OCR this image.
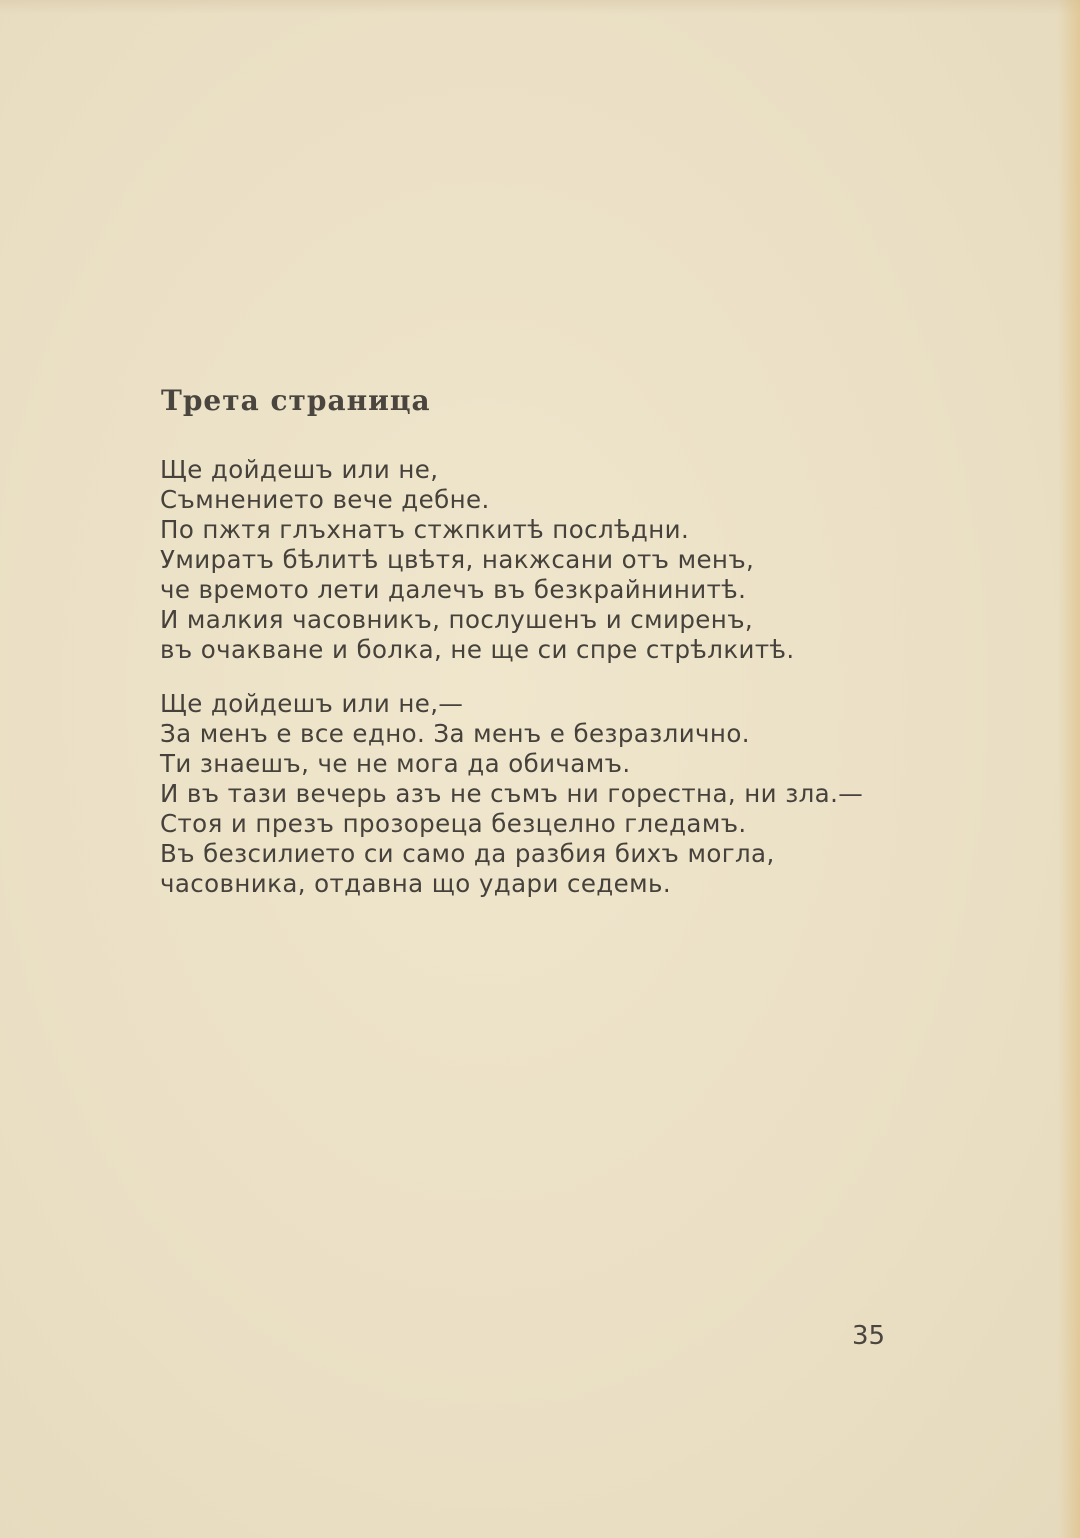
Трета страница
Ще дойдешъ или не,
Съмнението вече дебне.
По пжтя глъхнатъ стжпкитѣ послѣдни.
Умиратъ бѣлитѣ цвѣтя, накжсани отъ менъ,
че времото лети далечъ въ безкрайнинитѣ.
И малкия часовникъ, послушенъ и смиренъ,
въ очакване и болка, не ще си спре стрѣлкитѣ.
Ще дойдешъ или не,—
За менъ е все едно. За менъ е безразлично.
Ти знаешъ, че не мога да обичамъ.
И въ тази вечерь азъ не съмъ ни горестна, ни зла.—
Стоя и презъ прозореца безцелно гледамъ.
Въ безсилието си само да разбия бихъ могла,
часовника, отдавна що удари седемь.
35
